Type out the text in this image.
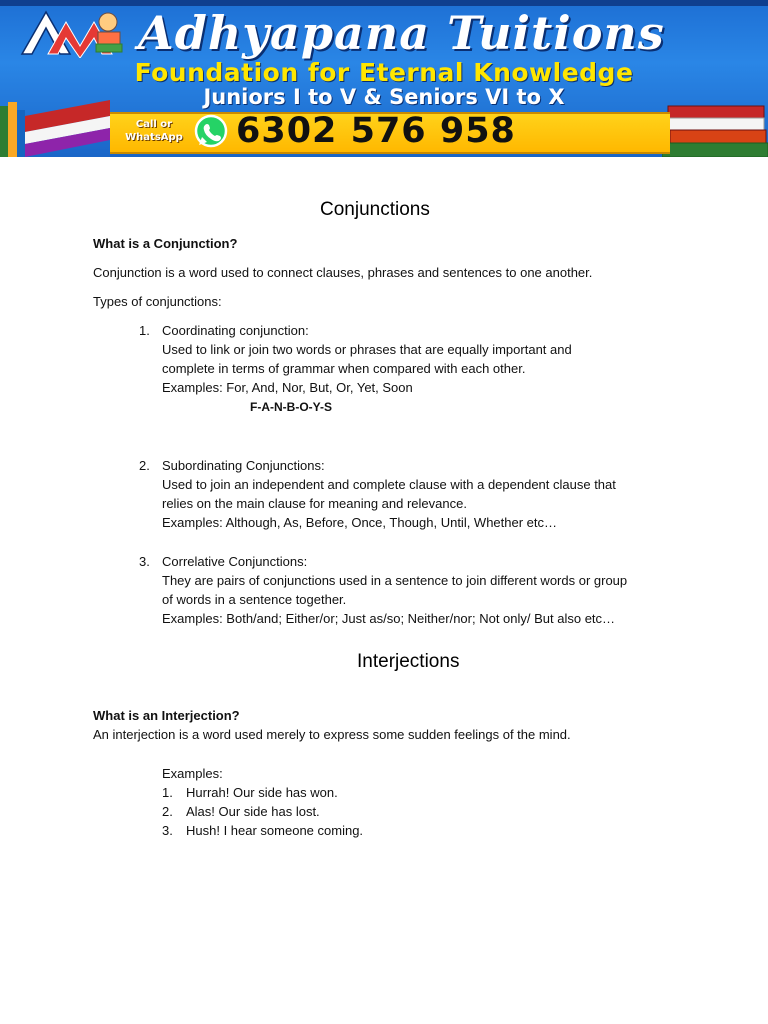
Adhyapana Tuitions
Foundation for Eternal Knowledge
Juniors I to V & Seniors VI to X
Call or
WhatsApp 6302 576 958
Conjunctions
What is a Conjunction?
Conjunction is a word used to connect clauses, phrases and sentences to one another.
Types of conjunctions:
1. Coordinating conjunction:
Used to link or join two words or phrases that are equally important and
complete in terms of grammar when compared with each other.
Examples: For, And, Nor, But, Or, Yet, Soon
F-A-N-B-O-Y-S
2. Subordinating Conjunctions:
Used to join an independent and complete clause with a dependent clause that
relies on the main clause for meaning and relevance.
Examples: Although, As, Before, Once, Though, Until, Whether etc…
3. Correlative Conjunctions:
They are pairs of conjunctions used in a sentence to join different words or group
of words in a sentence together.
Examples: Both/and; Either/or; Just as/so; Neither/nor; Not only/ But also etc…
Interjections
What is an Interjection?
An interjection is a word used merely to express some sudden feelings of the mind.
Examples:
1.	Hurrah! Our side has won.
2.	Alas! Our side has lost.
3.	Hush! I hear someone coming.
